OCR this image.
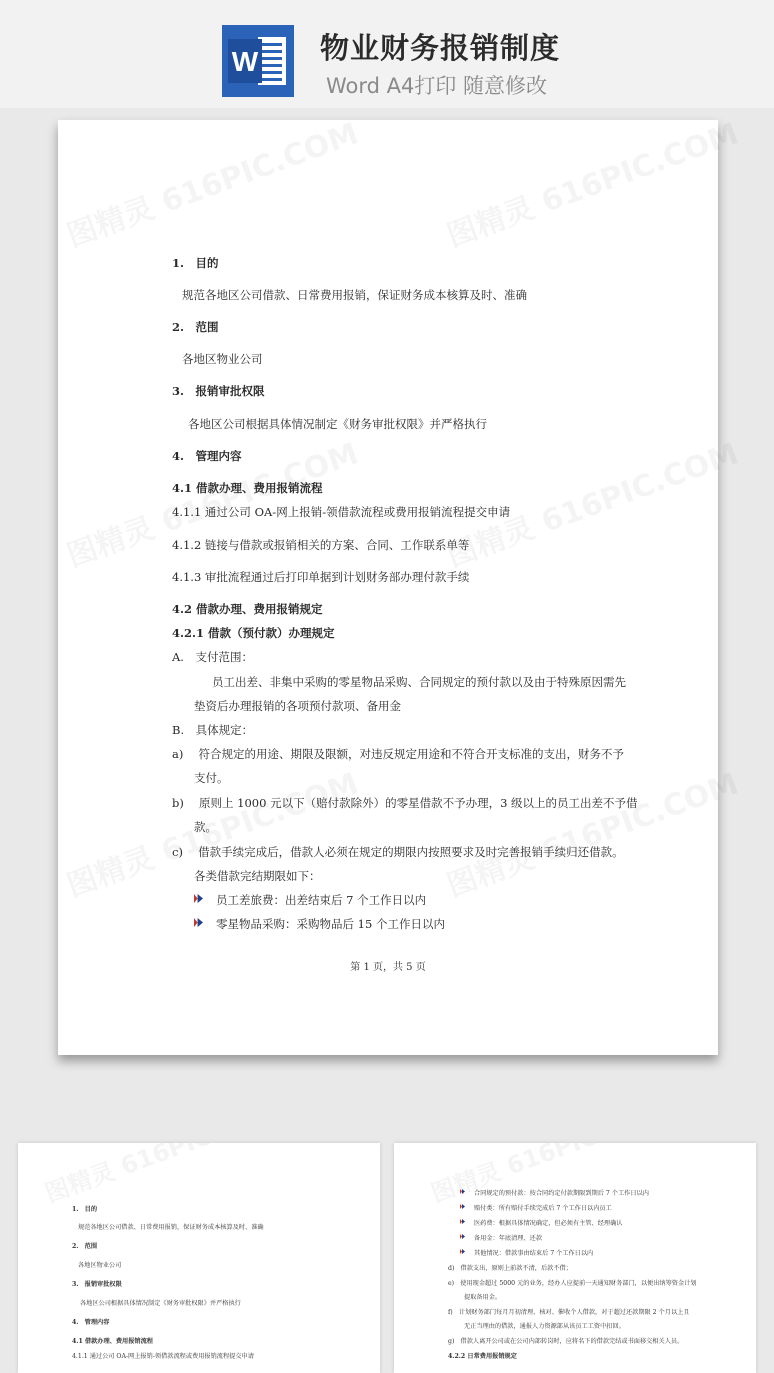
W 物业财务报销制度
Word A4打印 随意修改
1.　目的
规范各地区公司借款、日常费用报销，保证财务成本核算及时、准确
2.　范围
各地区物业公司
3.　报销审批权限
各地区公司根据具体情况制定《财务审批权限》并严格执行
4.　管理内容
4.1 借款办理、费用报销流程
4.1.1 通过公司 OA-网上报销-领借款流程或费用报销流程提交申请
4.1.2 链接与借款或报销相关的方案、合同、工作联系单等
4.1.3 审批流程通过后打印单据到计划财务部办理付款手续
4.2 借款办理、费用报销规定
4.2.1 借款（预付款）办理规定
A.　支付范围：
员工出差、非集中采购的零星物品采购、合同规定的预付款以及由于特殊原因需先
垫资后办理报销的各项预付款项、备用金
B.　具体规定：
a)　 符合规定的用途、期限及限额，对违反规定用途和不符合开支标准的支出，财务不予
支付。
b)　 原则上 1000 元以下（赔付款除外）的零星借款不予办理，3 级以上的员工出差不予借
款。
c)　 借款手续完成后，借款人必须在规定的期限内按照要求及时完善报销手续归还借款。
各类借款完结期限如下：
员工差旅费：出差结束后 7 个工作日以内
零星物品采购：采购物品后 15 个工作日以内
第 1 页，共 5 页
1.　目的
规范各地区公司借款、日常费用报销，保证财务成本核算及时、准确
2.　范围
各地区物业公司
3.　报销审批权限
各地区公司根据具体情况制定《财务审批权限》并严格执行
4.　管理内容
4.1 借款办理、费用报销流程
4.1.1 通过公司 OA-网上报销-领借款流程或费用报销流程提交申请
合同规定的预付款：按合同约定付款期限到期后 7 个工作日以内
赔付类：所有赔付手续完成后 7 个工作日以内员工
医药费：根据具体情况确定，但必须有主管、经理确认
备用金：年底清理、还款
其他情况：借款事由结束后 7 个工作日以内
d)　借款支出，原则上前款不清，后款不借；
e)　使用现金超过 5000 元的业务，经办人应提前一天通知财务部门，以便出纳筹资金计划
提取备用金。
f)　计划财务部门每月月初清理、核对、催收个人借款，对于超过还款期限 2 个月以上且
无正当理由的借款，通报人力资源部从该员工工资中扣回。
g)　借款人离开公司或在公司内部转岗时，应将名下的借款完结或书面移交相关人员。
4.2.2 日常费用报销规定
